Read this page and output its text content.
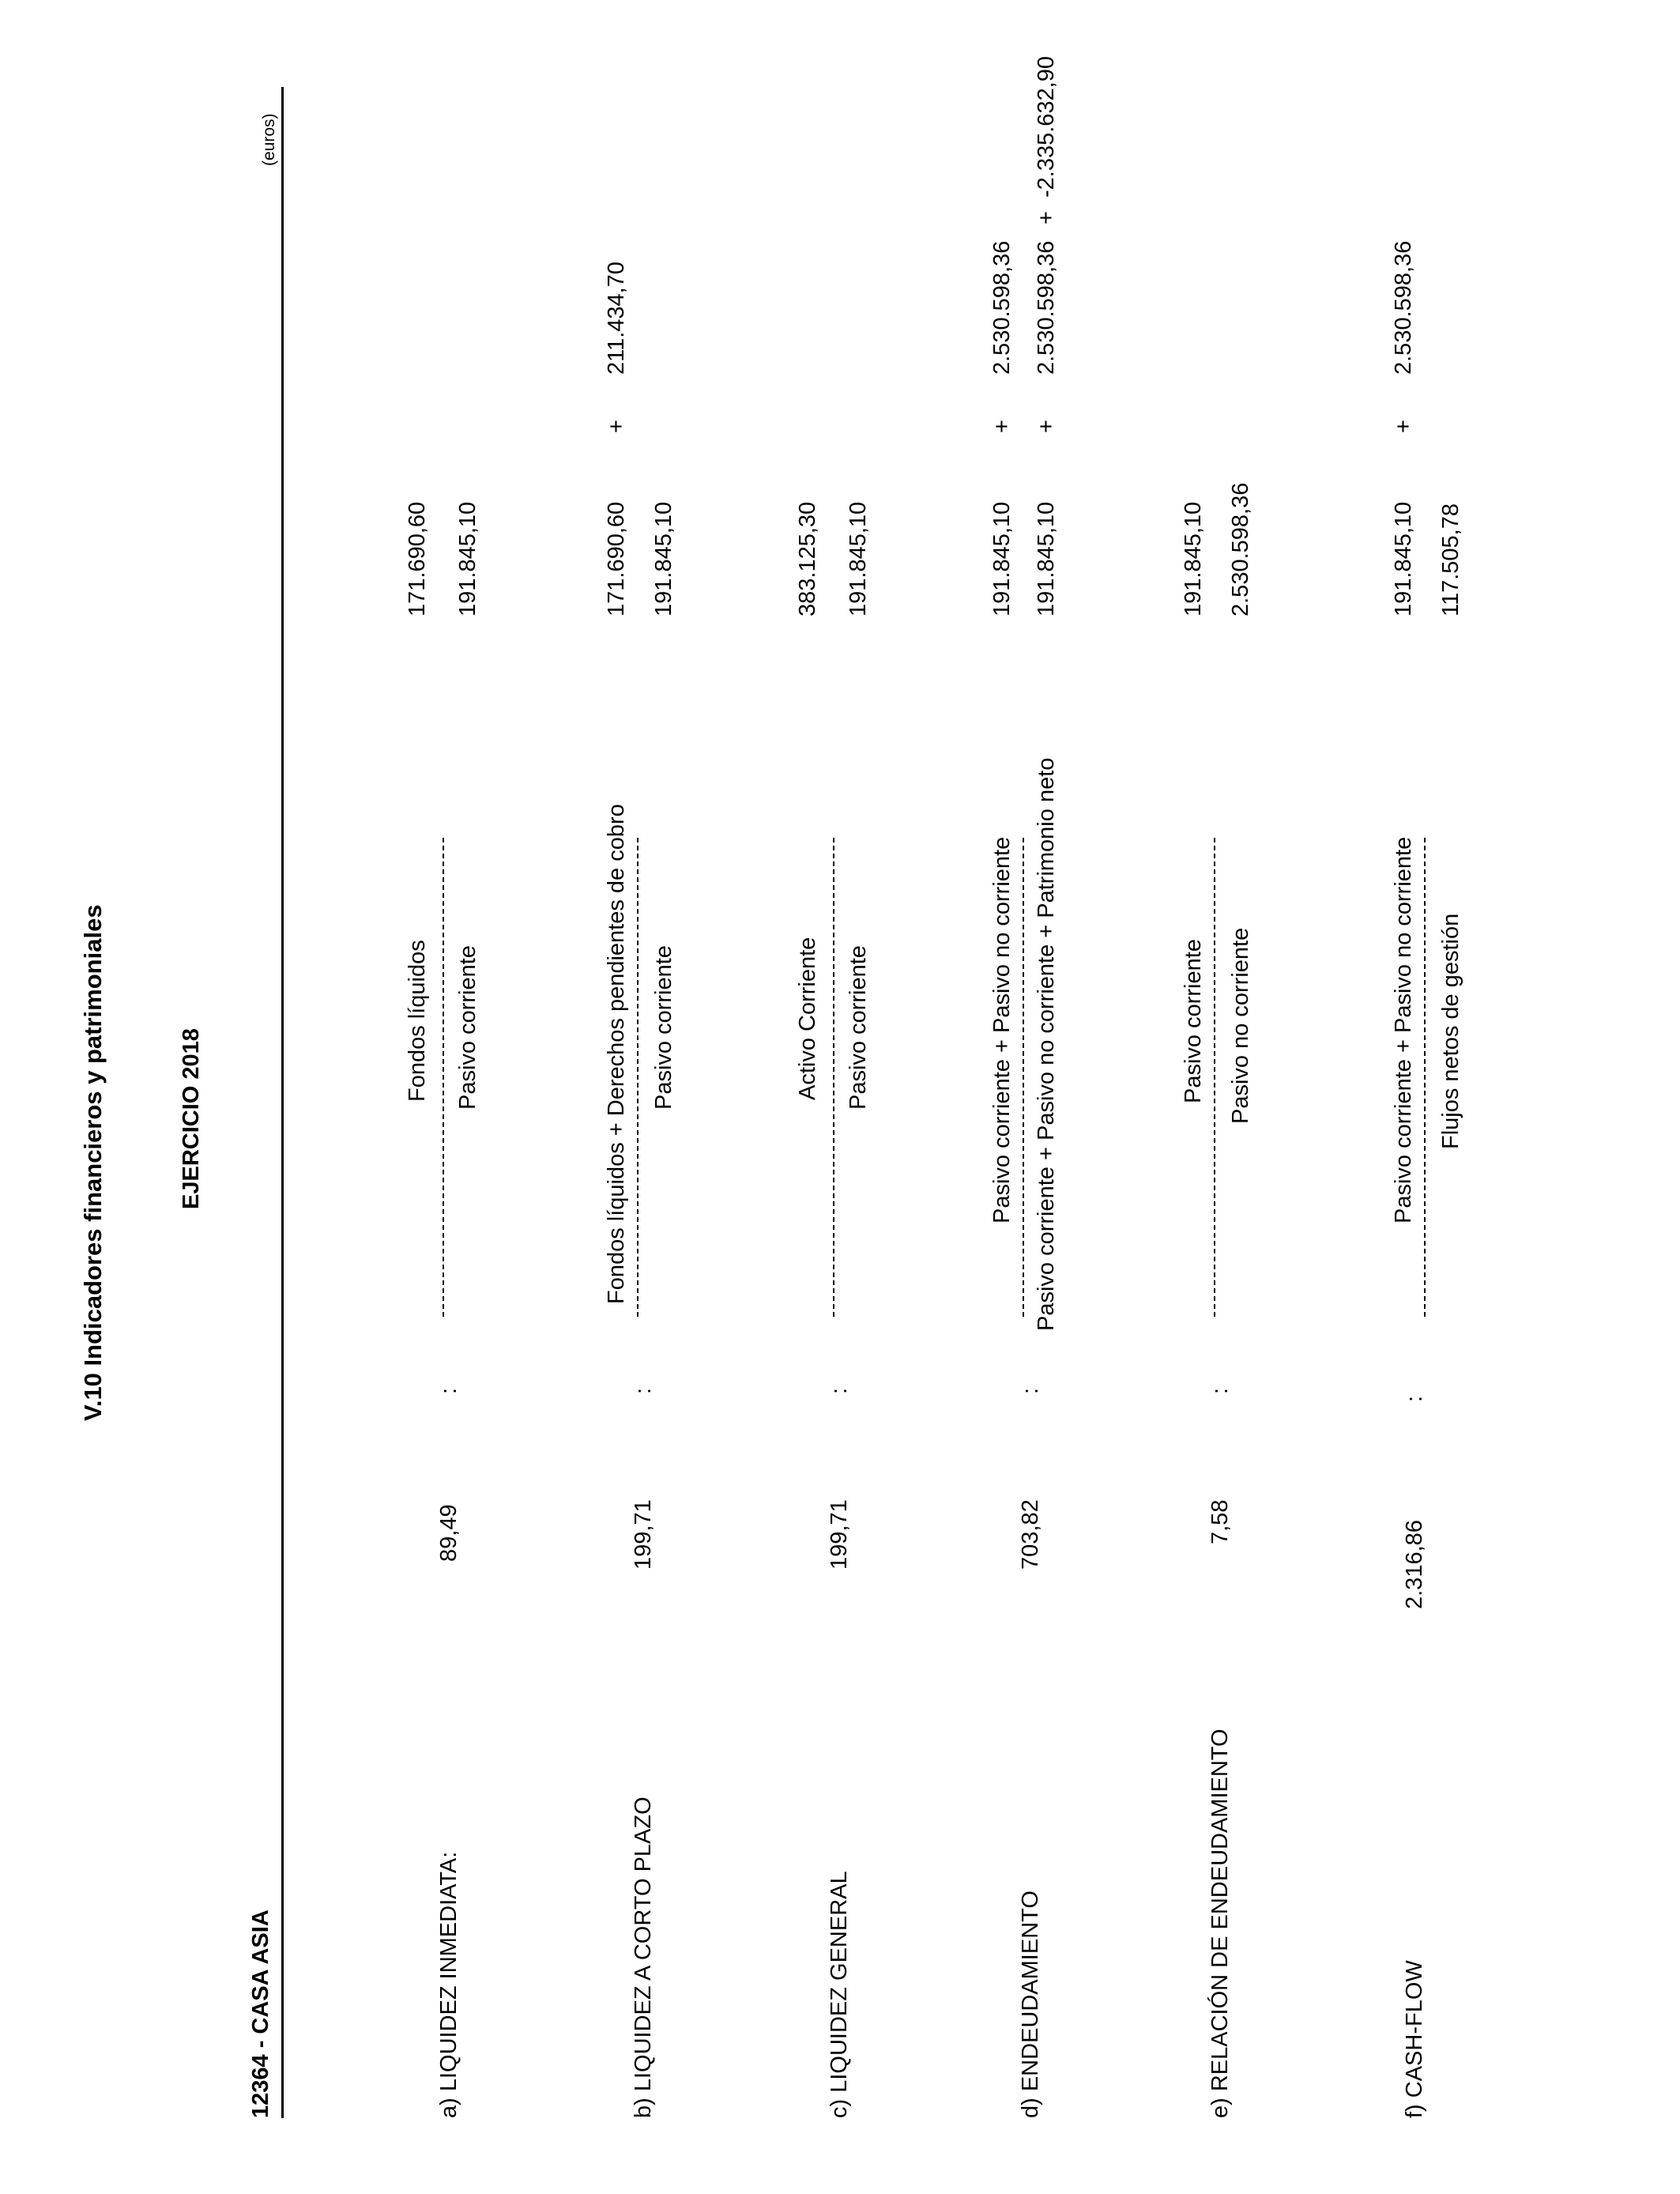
V.10 Indicadores financieros y patrimoniales	EJERCICIO 2018
12364 - CASA ASIA
(euros)
a) LIQUIDEZ INMEDIATA:
89,49
:
Fondos líquidos Pasivo corriente
171.690,60 191.845,10
b) LIQUIDEZ A CORTO PLAZO
199,71
:
Fondos líquidos + Derechos pendientes de cobro Pasivo corriente
171.690,60
+
211.434,70
191.845,10
c) LIQUIDEZ GENERAL
199,71
:
Activo Corriente Pasivo corriente
383.125,30 191.845,10
d) ENDEUDAMIENTO
703,82
:
Pasivo corriente + Pasivo no corriente Pasivo corriente + Pasivo no corriente + Patrimonio neto
191.845,10
+
2.530.598,36
191.845,10
+
2.530.598,36
+
-2.335.632,90
e) RELACIÓN DE ENDEUDAMIENTO
7,58
:
Pasivo corriente Pasivo no corriente
191.845,10 2.530.598,36
f) CASH-FLOW
2.316,86
:
Pasivo corriente + Pasivo no corriente Flujos netos de gestión
191.845,10
+
2.530.598,36
117.505,78
